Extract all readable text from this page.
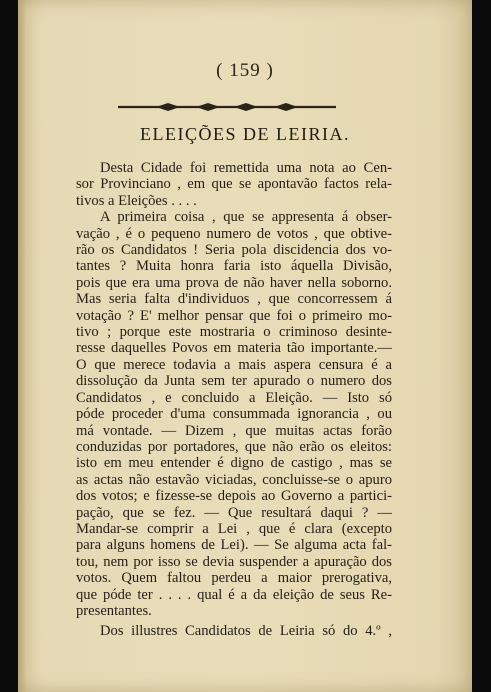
( 159 )
ELEIÇÕES DE LEIRIA.
Desta Cidade foi remettida uma nota ao Cen-
sor Provinciano , em que se apontavão factos rela-
tivos a Eleições . . . .
A primeira coisa , que se appresenta á obser-
vação , é o pequeno numero de votos , que obtive-
rão os Candidatos ! Seria pola discidencia dos vo-
tantes ? Muita honra faria isto áquella Divisão,
pois que era uma prova de não haver nella soborno.
Mas seria falta d'individuos , que concorressem á
votação ? E' melhor pensar que foi o primeiro mo-
tivo ; porque este mostraria o criminoso desinte-
resse daquelles Povos em materia tão importante.—
O que merece todavia a mais aspera censura é a
dissolução da Junta sem ter apurado o numero dos
Candidatos , e concluido a Eleição. — Isto só
póde proceder d'uma consummada ignorancia , ou
má vontade. — Dizem , que muitas actas forão
conduzidas por portadores, que não erão os eleitos:
isto em meu entender é digno de castigo , mas se
as actas não estavão viciadas, concluisse-se o apuro
dos votos; e fizesse-se depois ao Governo a partici-
pação, que se fez. — Que resultará daqui ? —
Mandar-se comprir a Lei , que é clara (excepto
para alguns homens de Lei). — Se alguma acta fal-
tou, nem por isso se devia suspender a apuração dos
votos. Quem faltou perdeu a maior prerogativa,
que póde ter . . . . qual é a da eleição de seus Re-
presentantes.
Dos illustres Candidatos de Leiria só do 4.º ,
